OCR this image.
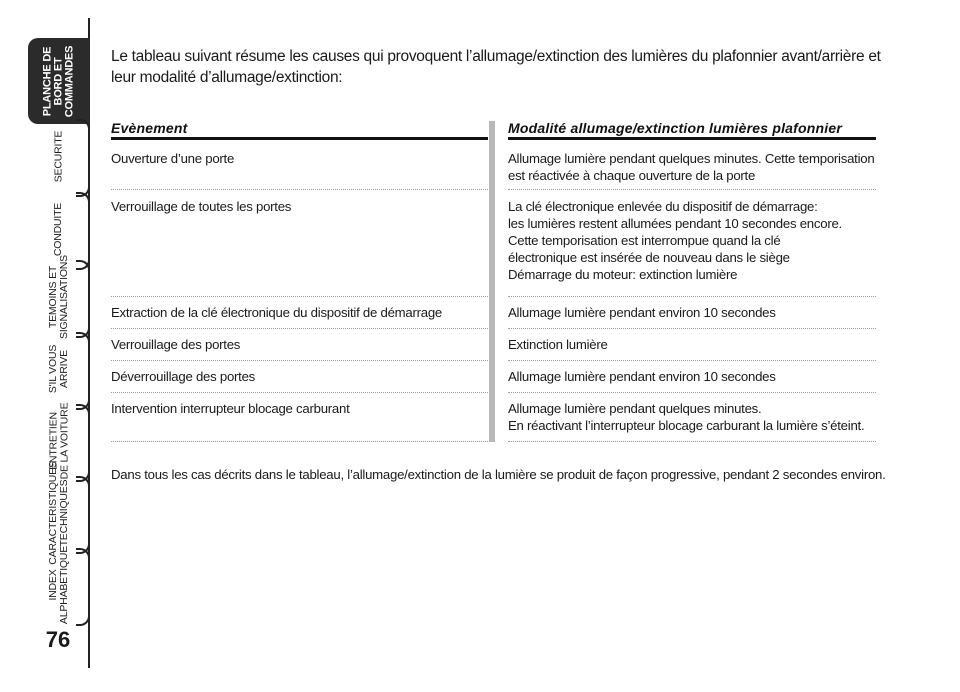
PLANCHE DE
BORD ET
COMMANDES
SECURITE
CONDUITE
TEMOINS ET
SIGNALISATIONS
S'IL VOUS
ARRIVE
ENTRETIEN
DE LA VOITURE
CARACTERISTIQUES
TECHNIQUES
INDEX
ALPHABETIQUE
76
Le tableau suivant résume les causes qui provoquent l’allumage/extinction des lumières du plafonnier avant/arrière et leur modalité d’allumage/extinction:
Evènement	Modalité allumage/extinction lumières plafonnier
Ouverture d’une porte	Allumage lumière pendant quelques minutes. Cette temporisation
est réactivée à chaque ouverture de la porte
Verrouillage de toutes les portes	La clé électronique enlevée du dispositif de démarrage:
les lumières restent allumées pendant 10 secondes encore.
Cette temporisation est interrompue quand la clé
électronique est insérée de nouveau dans le siège
Démarrage du moteur: extinction lumière
Extraction de la clé électronique du dispositif de démarrage	Allumage lumière pendant environ 10 secondes
Verrouillage des portes	Extinction lumière
Déverrouillage des portes	Allumage lumière pendant environ 10 secondes
Intervention interrupteur blocage carburant	Allumage lumière pendant quelques minutes.
En réactivant l’interrupteur blocage carburant la lumière s’éteint.
Dans tous les cas décrits dans le tableau, l’allumage/extinction de la lumière se produit de façon progressive, pendant 2 secondes environ.
